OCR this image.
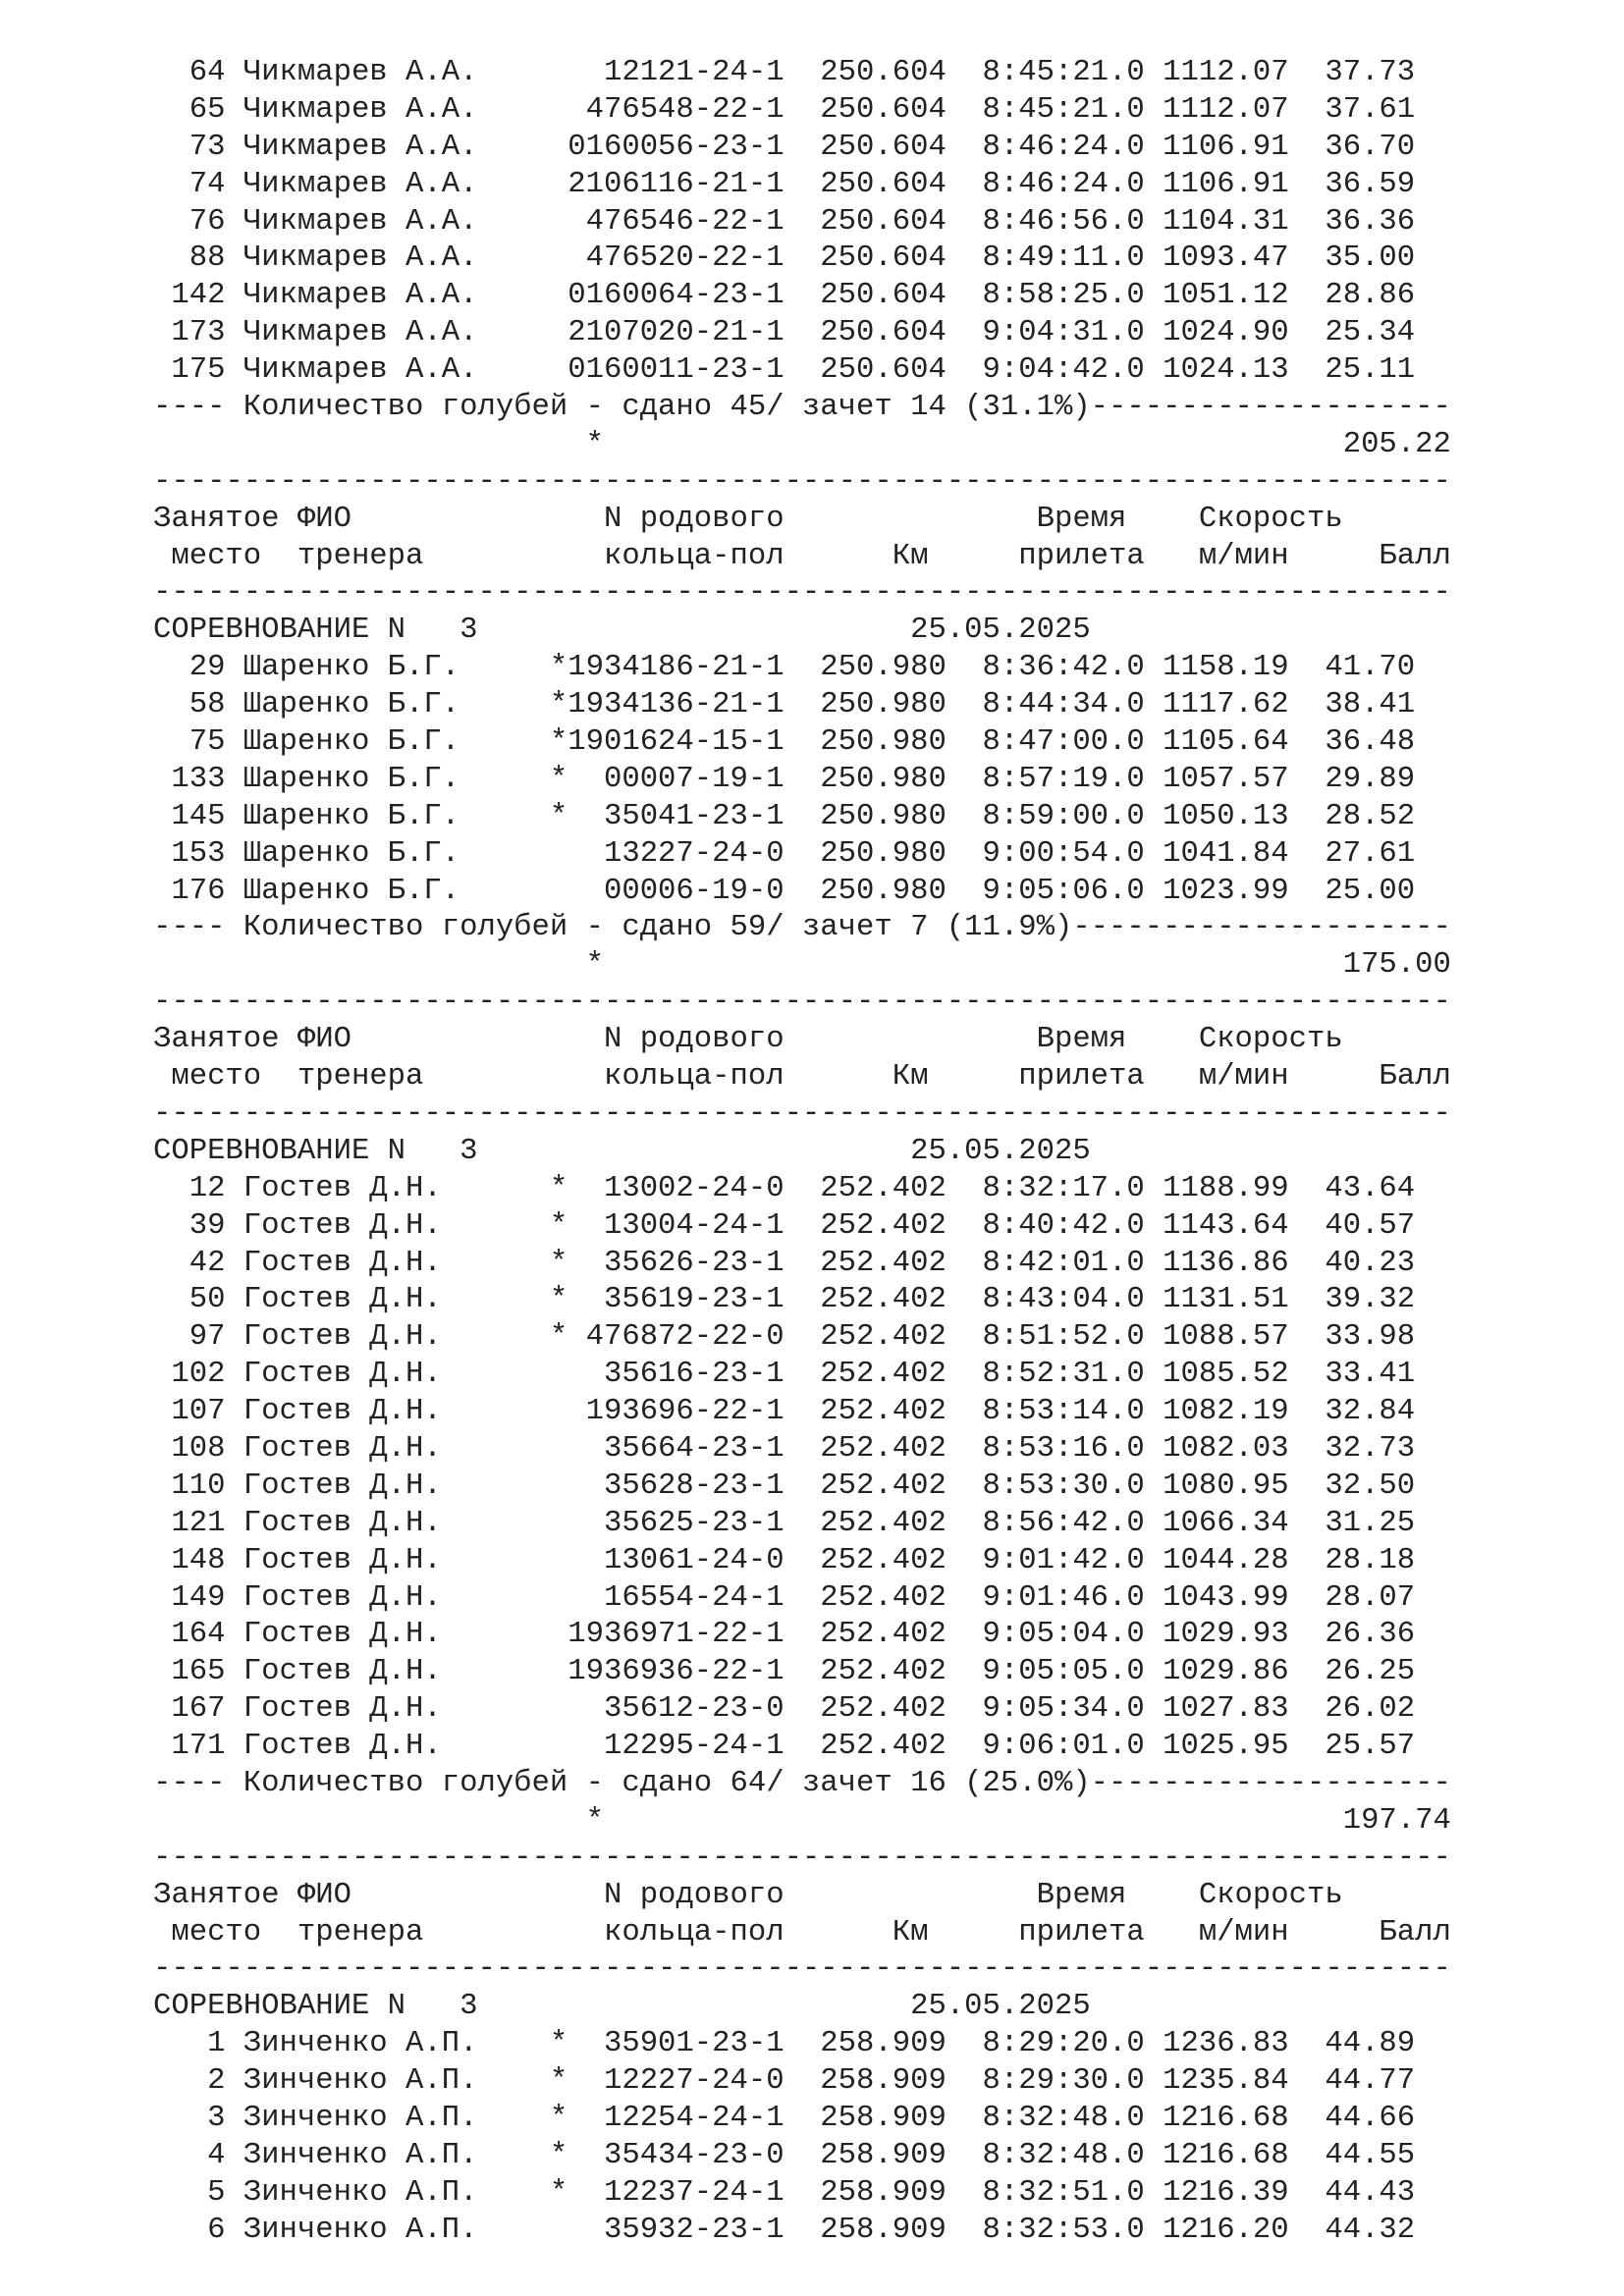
64 Чикмарев А.А.       12121-24-1  250.604  8:45:21.0 1112.07  37.73
65 Чикмарев А.А.      476548-22-1  250.604  8:45:21.0 1112.07  37.61
73 Чикмарев А.А.     0160056-23-1  250.604  8:46:24.0 1106.91  36.70
74 Чикмарев А.А.     2106116-21-1  250.604  8:46:24.0 1106.91  36.59
76 Чикмарев А.А.      476546-22-1  250.604  8:46:56.0 1104.31  36.36
88 Чикмарев А.А.      476520-22-1  250.604  8:49:11.0 1093.47  35.00
142 Чикмарев А.А.     0160064-23-1  250.604  8:58:25.0 1051.12  28.86
173 Чикмарев А.А.     2107020-21-1  250.604  9:04:31.0 1024.90  25.34
175 Чикмарев А.А.     0160011-23-1  250.604  9:04:42.0 1024.13  25.11
---- Количество голубей - сдано 45/ зачет 14 (31.1%)--------------------
*                                         205.22
------------------------------------------------------------------------
Занятое ФИО              N родового              Время    Скорость
место  тренера          кольца-пол      Км     прилета   м/мин     Балл
------------------------------------------------------------------------
СОРЕВНОВАНИЕ N   3                        25.05.2025
29 Шаренко Б.Г.     *1934186-21-1  250.980  8:36:42.0 1158.19  41.70
58 Шаренко Б.Г.     *1934136-21-1  250.980  8:44:34.0 1117.62  38.41
75 Шаренко Б.Г.     *1901624-15-1  250.980  8:47:00.0 1105.64  36.48
133 Шаренко Б.Г.     *  00007-19-1  250.980  8:57:19.0 1057.57  29.89
145 Шаренко Б.Г.     *  35041-23-1  250.980  8:59:00.0 1050.13  28.52
153 Шаренко Б.Г.        13227-24-0  250.980  9:00:54.0 1041.84  27.61
176 Шаренко Б.Г.        00006-19-0  250.980  9:05:06.0 1023.99  25.00
---- Количество голубей - сдано 59/ зачет 7 (11.9%)---------------------
*                                         175.00
------------------------------------------------------------------------
Занятое ФИО              N родового              Время    Скорость
место  тренера          кольца-пол      Км     прилета   м/мин     Балл
------------------------------------------------------------------------
СОРЕВНОВАНИЕ N   3                        25.05.2025
12 Гостев Д.Н.      *  13002-24-0  252.402  8:32:17.0 1188.99  43.64
39 Гостев Д.Н.      *  13004-24-1  252.402  8:40:42.0 1143.64  40.57
42 Гостев Д.Н.      *  35626-23-1  252.402  8:42:01.0 1136.86  40.23
50 Гостев Д.Н.      *  35619-23-1  252.402  8:43:04.0 1131.51  39.32
97 Гостев Д.Н.      * 476872-22-0  252.402  8:51:52.0 1088.57  33.98
102 Гостев Д.Н.         35616-23-1  252.402  8:52:31.0 1085.52  33.41
107 Гостев Д.Н.        193696-22-1  252.402  8:53:14.0 1082.19  32.84
108 Гостев Д.Н.         35664-23-1  252.402  8:53:16.0 1082.03  32.73
110 Гостев Д.Н.         35628-23-1  252.402  8:53:30.0 1080.95  32.50
121 Гостев Д.Н.         35625-23-1  252.402  8:56:42.0 1066.34  31.25
148 Гостев Д.Н.         13061-24-0  252.402  9:01:42.0 1044.28  28.18
149 Гостев Д.Н.         16554-24-1  252.402  9:01:46.0 1043.99  28.07
164 Гостев Д.Н.       1936971-22-1  252.402  9:05:04.0 1029.93  26.36
165 Гостев Д.Н.       1936936-22-1  252.402  9:05:05.0 1029.86  26.25
167 Гостев Д.Н.         35612-23-0  252.402  9:05:34.0 1027.83  26.02
171 Гостев Д.Н.         12295-24-1  252.402  9:06:01.0 1025.95  25.57
---- Количество голубей - сдано 64/ зачет 16 (25.0%)--------------------
*                                         197.74
------------------------------------------------------------------------
Занятое ФИО              N родового              Время    Скорость
место  тренера          кольца-пол      Км     прилета   м/мин     Балл
------------------------------------------------------------------------
СОРЕВНОВАНИЕ N   3                        25.05.2025
1 Зинченко А.П.    *  35901-23-1  258.909  8:29:20.0 1236.83  44.89
2 Зинченко А.П.    *  12227-24-0  258.909  8:29:30.0 1235.84  44.77
3 Зинченко А.П.    *  12254-24-1  258.909  8:32:48.0 1216.68  44.66
4 Зинченко А.П.    *  35434-23-0  258.909  8:32:48.0 1216.68  44.55
5 Зинченко А.П.    *  12237-24-1  258.909  8:32:51.0 1216.39  44.43
6 Зинченко А.П.       35932-23-1  258.909  8:32:53.0 1216.20  44.32
